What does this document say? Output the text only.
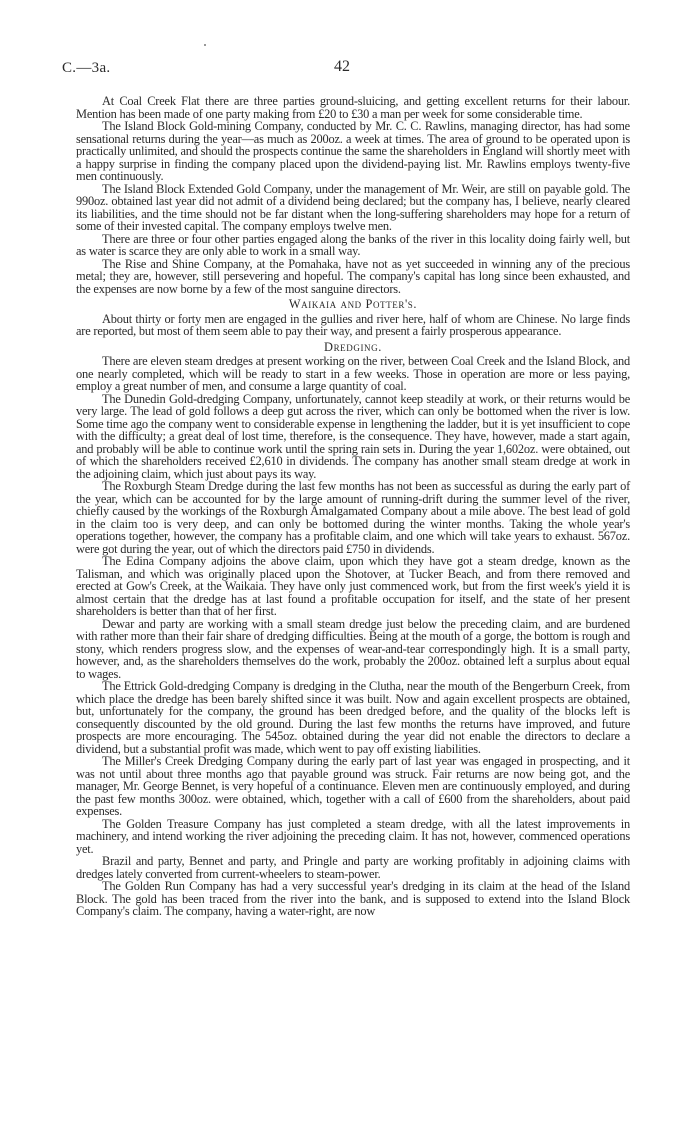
C.—3a.	42

At Coal Creek Flat there are three parties ground-sluicing, and getting excellent returns for their labour. Mention has been made of one party making from £20 to £30 a man per week for some considerable time.

The Island Block Gold-mining Company, conducted by Mr. C. C. Rawlins, managing director, has had some sensational returns during the year—as much as 200oz. a week at times. The area of ground to be operated upon is practically unlimited, and should the prospects continue the same the shareholders in England will shortly meet with a happy surprise in finding the company placed upon the dividend-paying list. Mr. Rawlins employs twenty-five men continuously.

The Island Block Extended Gold Company, under the management of Mr. Weir, are still on payable gold. The 990oz. obtained last year did not admit of a dividend being declared; but the company has, I believe, nearly cleared its liabilities, and the time should not be far distant when the long-suffering shareholders may hope for a return of some of their invested capital. The company employs twelve men.

There are three or four other parties engaged along the banks of the river in this locality doing fairly well, but as water is scarce they are only able to work in a small way.

The Rise and Shine Company, at the Pomahaka, have not as yet succeeded in winning any of the precious metal; they are, however, still persevering and hopeful. The company's capital has long since been exhausted, and the expenses are now borne by a few of the most sanguine directors.

Waikaia and Potter's.

About thirty or forty men are engaged in the gullies and river here, half of whom are Chinese. No large finds are reported, but most of them seem able to pay their way, and present a fairly prosperous appearance.

Dredging.

There are eleven steam dredges at present working on the river, between Coal Creek and the Island Block, and one nearly completed, which will be ready to start in a few weeks. Those in operation are more or less paying, employ a great number of men, and consume a large quantity of coal.

The Dunedin Gold-dredging Company, unfortunately, cannot keep steadily at work, or their returns would be very large. The lead of gold follows a deep gut across the river, which can only be bottomed when the river is low. Some time ago the company went to considerable expense in lengthening the ladder, but it is yet insufficient to cope with the difficulty; a great deal of lost time, therefore, is the consequence. They have, however, made a start again, and probably will be able to continue work until the spring rain sets in. During the year 1,602oz. were obtained, out of which the shareholders received £2,610 in dividends. The company has another small steam dredge at work in the adjoining claim, which just about pays its way.

The Roxburgh Steam Dredge during the last few months has not been as successful as during the early part of the year, which can be accounted for by the large amount of running-drift during the summer level of the river, chiefly caused by the workings of the Roxburgh Amalgamated Company about a mile above. The best lead of gold in the claim too is very deep, and can only be bottomed during the winter months. Taking the whole year's operations together, however, the company has a profitable claim, and one which will take years to exhaust. 567oz. were got during the year, out of which the directors paid £750 in dividends.

The Edina Company adjoins the above claim, upon which they have got a steam dredge, known as the Talisman, and which was originally placed upon the Shotover, at Tucker Beach, and from there removed and erected at Gow's Creek, at the Waikaia. They have only just commenced work, but from the first week's yield it is almost certain that the dredge has at last found a profitable occupation for itself, and the state of her present shareholders is better than that of her first.

Dewar and party are working with a small steam dredge just below the preceding claim, and are burdened with rather more than their fair share of dredging difficulties. Being at the mouth of a gorge, the bottom is rough and stony, which renders progress slow, and the expenses of wear-and-tear correspondingly high. It is a small party, however, and, as the shareholders themselves do the work, probably the 200oz. obtained left a surplus about equal to wages.

The Ettrick Gold-dredging Company is dredging in the Clutha, near the mouth of the Bengerburn Creek, from which place the dredge has been barely shifted since it was built. Now and again excellent prospects are obtained, but, unfortunately for the company, the ground has been dredged before, and the quality of the blocks left is consequently discounted by the old ground. During the last few months the returns have improved, and future prospects are more encouraging. The 545oz. obtained during the year did not enable the directors to declare a dividend, but a substantial profit was made, which went to pay off existing liabilities.

The Miller's Creek Dredging Company during the early part of last year was engaged in prospecting, and it was not until about three months ago that payable ground was struck. Fair returns are now being got, and the manager, Mr. George Bennet, is very hopeful of a continuance. Eleven men are continuously employed, and during the past few months 300oz. were obtained, which, together with a call of £600 from the shareholders, about paid expenses.

The Golden Treasure Company has just completed a steam dredge, with all the latest improvements in machinery, and intend working the river adjoining the preceding claim. It has not, however, commenced operations yet.

Brazil and party, Bennet and party, and Pringle and party are working profitably in adjoining claims with dredges lately converted from current-wheelers to steam-power.

The Golden Run Company has had a very successful year's dredging in its claim at the head of the Island Block. The gold has been traced from the river into the bank, and is supposed to extend into the Island Block Company's claim. The company, having a water-right, are now
